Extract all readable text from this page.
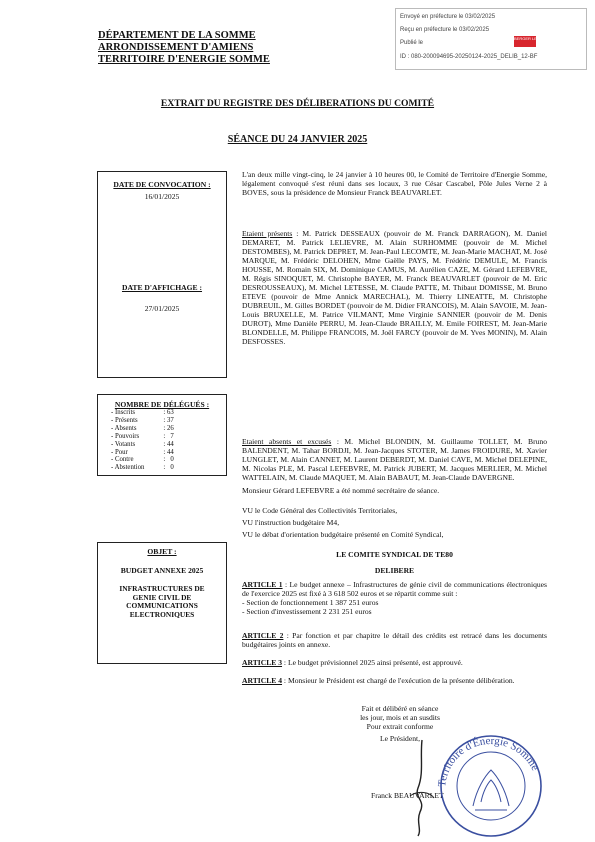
DÉPARTEMENT DE LA SOMME
ARRONDISSEMENT D'AMIENS
TERRITOIRE D'ENERGIE SOMME
Envoyé en préfecture le 03/02/2025
Reçu en préfecture le 03/02/2025
Publié le
ID : 080-200094695-20250124-2025_DELIB_12-BF
BERGER LEVRAULT
EXTRAIT DU REGISTRE DES DÉLIBERATIONS DU COMITÉ
SÉANCE DU 24 JANVIER 2025
DATE DE CONVOCATION :
16/01/2025
DATE D'AFFICHAGE :
27/01/2025
NOMBRE DE DÉLÉGUÉS :
- Inscrits	: 63
- Présents	: 37
- Absents	: 26
- Pouvoirs	:   7
- Votants	: 44
- Pour	: 44
- Contre	:   0
- Abstention	:   0
OBJET :
BUDGET ANNEXE 2025
INFRASTRUCTURES DE GENIE CIVIL DE COMMUNICATIONS ELECTRONIQUES
L'an deux mille vingt-cinq, le 24 janvier à 10 heures 00, le Comité de Territoire d'Energie Somme, légalement convoqué s'est réuni dans ses locaux, 3 rue César Cascabel, Pôle Jules Verne 2 à BOVES, sous la présidence de Monsieur Franck BEAUVARLET.
Etaient présents : M. Patrick DESSEAUX (pouvoir de M. Franck DARRAGON), M. Daniel DEMARET, M. Patrick LELIEVRE, M. Alain SURHOMME (pouvoir de M. Michel DESTOMBES), M. Patrick DEPRET, M. Jean-Paul LECOMTE, M. Jean-Marie MACHAT, M. José MARQUE, M. Frédéric DELOHEN, Mme Gaëlle PAYS, M. Frédéric DEMULE, M. Francis HOUSSE, M. Romain SIX, M. Dominique CAMUS, M. Aurélien CAZE, M. Gérard LEFEBVRE, M. Régis SINOQUET, M. Christophe BAYER, M. Franck BEAUVARLET (pouvoir de M. Eric DESROUSSEAUX), M. Michel LETESSE, M. Claude PATTE, M. Thibaut DOMISSE, M. Bruno ETEVE (pouvoir de Mme Annick MARECHAL), M. Thierry LINEATTE, M. Christophe DUBREUIL, M. Gilles BORDET (pouvoir de M. Didier FRANCOIS), M. Alain SAVOIE, M. Jean-Louis BRUXELLE, M. Patrice VILMANT, Mme Virginie SANNIER (pouvoir de M. Denis DUROT), Mme Danièle PERRU, M. Jean-Claude BRAILLY, M. Emile FOIREST, M. Jean-Marie BLONDELLE, M. Philippe FRANCOIS, M. Joël FARCY (pouvoir de M. Yves MONIN), M. Alain DESFOSSES.
Etaient absents et excusés : M. Michel BLONDIN, M. Guillaume TOLLET, M. Bruno BALENDENT, M. Tahar BORDJI, M. Jean-Jacques STOTER, M. James FROIDURE, M. Xavier LUNGLET, M. Alain CANNET, M. Laurent DEBERDT, M. Daniel CAVE, M. Michel DELEPINE, M. Nicolas PLE, M. Pascal LEFEBVRE, M. Patrick JUBERT, M. Jacques MERLIER, M. Michel WATTELAIN, M. Claude MAQUET, M. Alain BABAUT, M. Jean-Claude DAVERGNE.
Monsieur Gérard LEFEBVRE a été nommé secrétaire de séance.

VU le Code Général des Collectivités Territoriales,

VU l'instruction budgétaire M4,

VU le débat d'orientation budgétaire présenté en Comité Syndical,

LE COMITE SYNDICAL DE TE80
DELIBERE

ARTICLE 1 : Le budget annexe – Infrastructures de génie civil de communications électroniques de l'exercice 2025 est fixé à 3 618 502 euros et se répartit comme suit :

- Section de fonctionnement 1 387 251 euros

- Section d'investissement 2 231 251 euros

ARTICLE 2 : Par fonction et par chapitre le détail des crédits est retracé dans les documents budgétaires joints en annexe.
ARTICLE 3 : Le budget prévisionnel 2025 ainsi présenté, est approuvé.
ARTICLE 4 : Monsieur le Président est chargé de l'exécution de la présente délibération.
Fait et délibéré en séance
les jour, mois et an susdits
Pour extrait conforme
Le Président,
Franck BEAUVARLET
Territoire d'Énergie Somme
